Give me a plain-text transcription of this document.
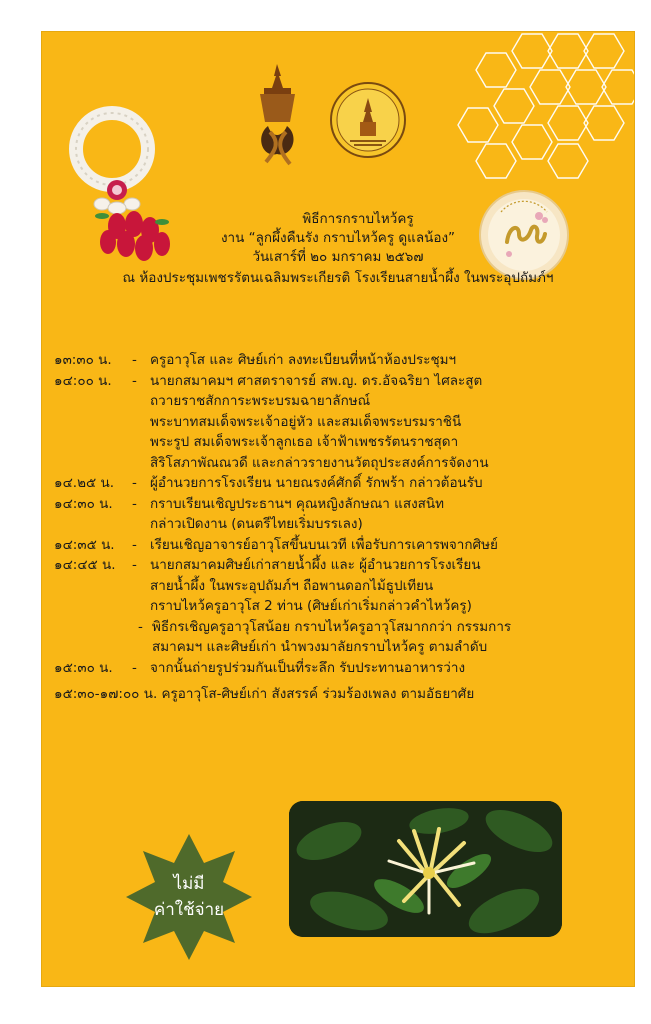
พิธีการกราบไหว้ครู
งาน “ลูกผึ้งคืนรัง กราบไหว้ครู ดูแลน้อง”
วันเสาร์ที่ ๒๐ มกราคม ๒๕๖๗
ณ ห้องประชุมเพชรรัตนเฉลิมพระเกียรติ โรงเรียนสายน้ำผึ้ง ในพระอุปถัมภ์ฯ
๑๓:๓๐ น.	- ครูอาวุโส และ ศิษย์เก่า ลงทะเบียนที่หน้าห้องประชุมฯ
๑๔:๐๐ น.	- นายกสมาคมฯ ศาสตราจารย์ สพ.ญ. ดร.อัจฉริยา ไศละสูต
ถวายราชสักการะพระบรมฉายาลักษณ์
พระบาทสมเด็จพระเจ้าอยู่หัว และสมเด็จพระบรมราชินี
พระรูป สมเด็จพระเจ้าลูกเธอ เจ้าฟ้าเพชรรัตนราชสุดา
สิริโสภาพัณณวดี และกล่าวรายงานวัตถุประสงค์การจัดงาน
๑๔.๒๕ น.	- ผู้อำนวยการโรงเรียน นายณรงค์ศักดิ์ รักพร้า กล่าวต้อนรับ
๑๔:๓๐ น.	- กราบเรียนเชิญประธานฯ คุณหญิงลักษณา แสงสนิท
กล่าวเปิดงาน (ดนตรีไทยเริ่มบรรเลง)
๑๔:๓๕ น.	- เรียนเชิญอาจารย์อาวุโสขึ้นบนเวที เพื่อรับการเคารพจากศิษย์
๑๔:๔๕ น.	- นายกสมาคมศิษย์เก่าสายน้ำผึ้ง และ ผู้อำนวยการโรงเรียน
สายน้ำผึ้ง ในพระอุปถัมภ์ฯ ถือพานดอกไม้ธูปเทียน
กราบไหว้ครูอาวุโส 2 ท่าน (ศิษย์เก่าเริ่มกล่าวคำไหว้ครู)
- พิธีกรเชิญครูอาวุโสน้อย กราบไหว้ครูอาวุโสมากกว่า กรรมการ
สมาคมฯ และศิษย์เก่า นำพวงมาลัยกราบไหว้ครู ตามลำดับ
๑๕:๓๐ น.	- จากนั้นถ่ายรูปร่วมกันเป็นที่ระลึก รับประทานอาหารว่าง
๑๕:๓๐-๑๗:๐๐ น. ครูอาวุโส-ศิษย์เก่า สังสรรค์ ร่วมร้องเพลง ตามอัธยาศัย
ไม่มี
ค่าใช้จ่าย
